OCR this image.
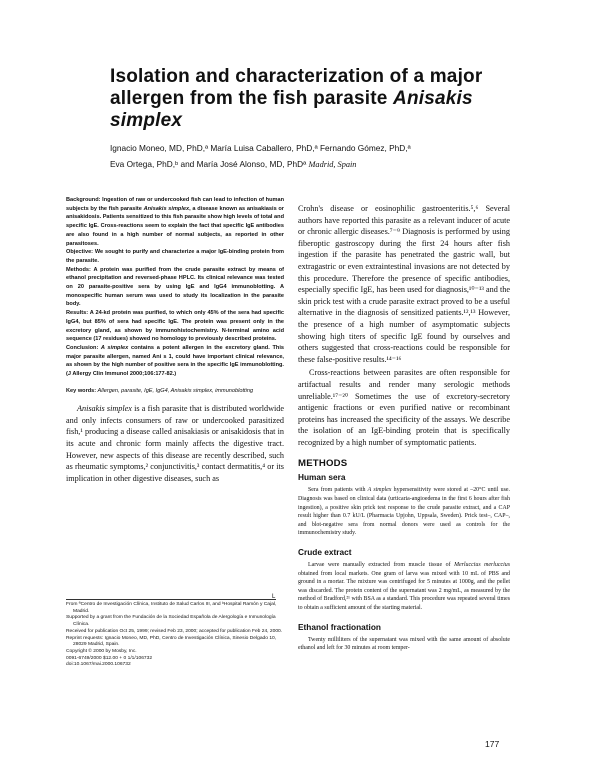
Isolation and characterization of a major
allergen from the fish parasite Anisakis
simplex
Ignacio Moneo, MD, PhD,ª María Luisa Caballero, PhD,ª Fernando Gómez, PhD,ª
Eva Ortega, PhD,ᵇ and María José Alonso, MD, PhDª Madrid, Spain

Background: Ingestion of raw or undercooked fish can lead to infection of human subjects by the fish parasite Anisakis simplex, a disease known as anisakiasis or anisakidosis. Patients sensitized to this fish parasite show high levels of total and specific IgE. Cross-reactions seem to explain the fact that specific IgE antibodies are also found in a high number of normal subjects, as reported in other parasitoses.

Objective: We sought to purify and characterize a major IgE-binding protein from the parasite.

Methods: A protein was purified from the crude parasite extract by means of ethanol precipitation and reversed-phase HPLC. Its clinical relevance was tested on 20 parasite-positive sera by using IgE and IgG4 immunoblotting. A monospecific human serum was used to study its localization in the parasite body.

Results: A 24-kd protein was purified, to which only 45% of the sera had specific IgG4, but 85% of sera had specific IgE. The protein was present only in the excretory gland, as shown by immunohistochemistry. N-terminal amino acid sequence (17 residues) showed no homology to previously described proteins.

Conclusion: A simplex contains a potent allergen in the excretory gland. This major parasite allergen, named Ani s 1, could have important clinical relevance, as shown by the high number of positive sera in the specific IgE immunoblotting. (J Allergy Clin Immunol 2000;106:177-82.)

Key words: Allergen, parasite, IgE, IgG4, Anisakis simplex, immunoblotting

Anisakis simplex is a fish parasite that is distributed worldwide and only infects consumers of raw or undercooked parasitized fish,¹ producing a disease called anisakiasis or anisakidosis that in its acute and chronic form mainly affects the digestive tract. However, new aspects of this disease are recently described, such as rheumatic symptoms,² conjunctivitis,³ contact dermatitis,⁴ or its implication in other digestive diseases, such as

L

From ªCentro de Investigación Clínica, Instituto de Salud Carlos III, and ᵇHospital Ramón y Cajal, Madrid.

Supported by a grant from the Fundación de la Sociedad Española de Alergología e Inmunología Clínica.

Received for publication Oct 25, 1999; revised Feb 23, 2000; accepted for publication Feb 24, 2000.

Reprint requests: Ignacio Moneo, MD, PhD, Centro de Investigación Clínica, Sinesio Delgado 10, 28029 Madrid, Spain.

Copyright © 2000 by Mosby, Inc.

0091-6749/2000 $12.00 + 0 1/1/106732

doi:10.1067/mai.2000.106732

Crohn's disease or eosinophilic gastroenteritis.⁵,⁶ Several authors have reported this parasite as a relevant inducer of acute or chronic allergic diseases.⁷⁻⁹ Diagnosis is performed by using fiberoptic gastroscopy during the first 24 hours after fish ingestion if the parasite has penetrated the gastric wall, but extragastric or even extraintestinal invasions are not detected by this procedure. Therefore the presence of specific antibodies, especially specific IgE, has been used for diagnosis,¹⁰⁻¹³ and the skin prick test with a crude parasite extract proved to be a useful alternative in the diagnosis of sensitized patients.¹²,¹³ However, the presence of a high number of asymptomatic subjects showing high titers of specific IgE found by ourselves and others suggested that cross-reactions could be responsible for these false-positive results.¹⁴⁻¹⁶

Cross-reactions between parasites are often responsible for artifactual results and render many serologic methods unreliable.¹⁷⁻²⁰ Sometimes the use of excretory-secretory antigenic fractions or even purified native or recombinant proteins has increased the specificity of the assays. We describe the isolation of an IgE-binding protein that is specifically recognized by a high number of symptomatic patients.

METHODS
Human sera

Sera from patients with A simplex hypersensitivity were stored at –20°C until use. Diagnosis was based on clinical data (urticaria-angioedema in the first 6 hours after fish ingestion), a positive skin prick test response to the crude parasite extract, and a CAP result higher than 0.7 kU/L (Pharmacia Upjohn, Uppsala, Sweden). Prick test–, CAP–, and blot-negative sera from normal donors were used as controls for the immunochemistry study.

Crude extract

Larvae were manually extracted from muscle tissue of Merluccius merluccius obtained from local markets. One gram of larva was mixed with 10 mL of PBS and ground in a mortar. The mixture was centrifuged for 5 minutes at 1000g, and the pellet was discarded. The protein content of the supernatant was 2 mg/mL, as measured by the method of Bradford,²¹ with BSA as a standard. This procedure was repeated several times to obtain a sufficient amount of the starting material.

Ethanol fractionation

Twenty milliliters of the supernatant was mixed with the same amount of absolute ethanol and left for 30 minutes at room temper-

177
